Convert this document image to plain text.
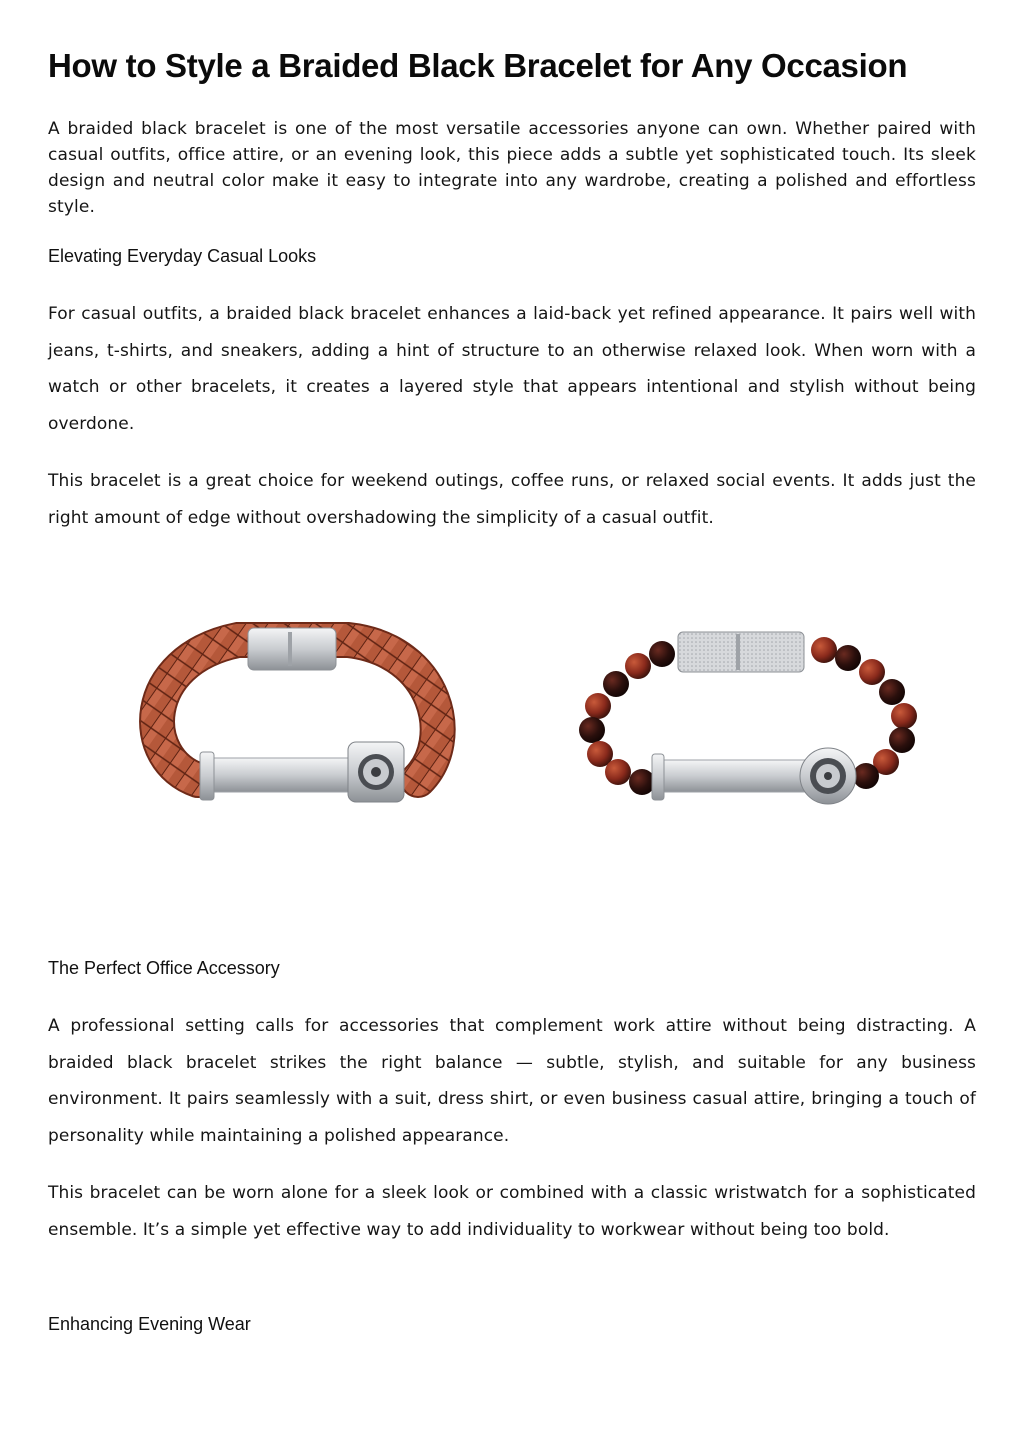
How to Style a Braided Black Bracelet for Any Occasion

A braided black bracelet is one of the most versatile accessories anyone can own. Whether paired with casual outfits, office attire, or an evening look, this piece adds a subtle yet sophisticated touch. Its sleek design and neutral color make it easy to integrate into any wardrobe, creating a polished and effortless style.

Elevating Everyday Casual Looks

For casual outfits, a braided black bracelet enhances a laid-back yet refined appearance. It pairs well with jeans, t-shirts, and sneakers, adding a hint of structure to an otherwise relaxed look. When worn with a watch or other bracelets, it creates a layered style that appears intentional and stylish without being overdone.

This bracelet is a great choice for weekend outings, coffee runs, or relaxed social events. It adds just the right amount of edge without overshadowing the simplicity of a casual outfit.

The Perfect Office Accessory

A professional setting calls for accessories that complement work attire without being distracting. A braided black bracelet strikes the right balance — subtle, stylish, and suitable for any business environment. It pairs seamlessly with a suit, dress shirt, or even business casual attire, bringing a touch of personality while maintaining a polished appearance.

This bracelet can be worn alone for a sleek look or combined with a classic wristwatch for a sophisticated ensemble. It’s a simple yet effective way to add individuality to workwear without being too bold.

Enhancing Evening Wear
